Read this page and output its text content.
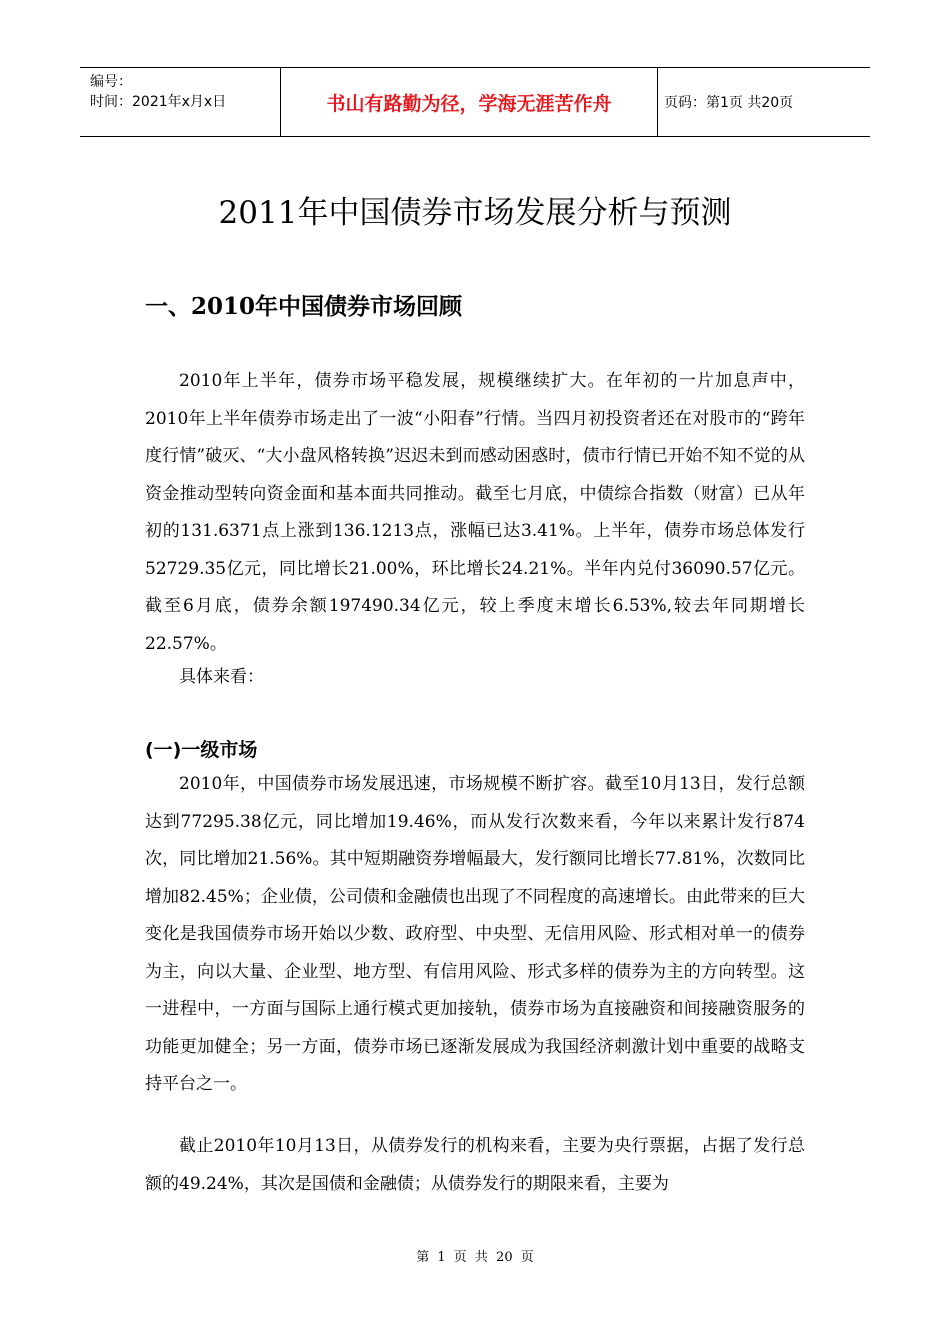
编号：
时间：2021年x月x日	书山有路勤为径，学海无涯苦作舟	页码：第1页 共20页
2011年中国债券市场发展分析与预测
一、2010年中国债券市场回顾
2010年上半年，债券市场平稳发展，规模继续扩大。在年初的一片加息声中，2010年上半年债券市场走出了一波“小阳春”行情。当四月初投资者还在对股市的“跨年度行情”破灭、“大小盘风格转换”迟迟未到而感动困惑时，债市行情已开始不知不觉的从资金推动型转向资金面和基本面共同推动。截至七月底，中债综合指数（财富）已从年初的131.6371点上涨到136.1213点，涨幅已达3.41%。上半年，债券市场总体发行52729.35亿元，同比增长21.00%，环比增长24.21%。半年内兑付36090.57亿元。截至6月底，债券余额197490.34亿元，较上季度末增长6.53%,较去年同期增长22.57%。
具体来看：
(一)一级市场
2010年，中国债券市场发展迅速，市场规模不断扩容。截至10月13日，发行总额达到77295.38亿元，同比增加19.46%，而从发行次数来看，今年以来累计发行874次，同比增加21.56%。其中短期融资券增幅最大，发行额同比增长77.81%，次数同比增加82.45%；企业债，公司债和金融债也出现了不同程度的高速增长。由此带来的巨大变化是我国债券市场开始以少数、政府型、中央型、无信用风险、形式相对单一的债券为主，向以大量、企业型、地方型、有信用风险、形式多样的债券为主的方向转型。这一进程中，一方面与国际上通行模式更加接轨，债券市场为直接融资和间接融资服务的功能更加健全；另一方面，债券市场已逐渐发展成为我国经济刺激计划中重要的战略支持平台之一。
截止2010年10月13日，从债券发行的机构来看，主要为央行票据，占据了发行总额的49.24%，其次是国债和金融债；从债券发行的期限来看，主要为
第 1 页 共 20 页
